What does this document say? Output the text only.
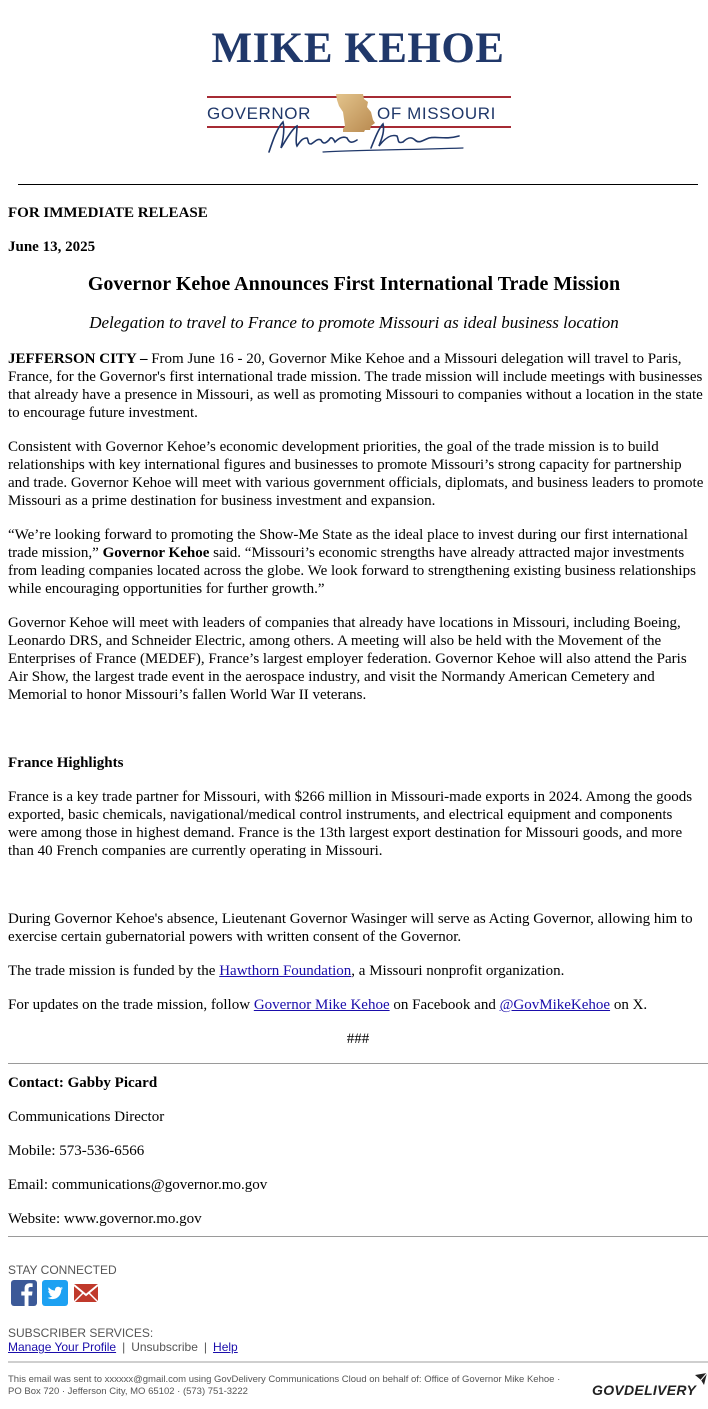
MIKE KEHOE
GOVERNOR	OF MISSOURI
FOR IMMEDIATE RELEASE
June 13, 2025
Governor Kehoe Announces First International Trade Mission
Delegation to travel to France to promote Missouri as ideal business location

JEFFERSON CITY – From June 16 - 20, Governor Mike Kehoe and a Missouri delegation will travel to Paris, France, for the Governor's first international trade mission. The trade mission will include meetings with businesses that already have a presence in Missouri, as well as promoting Missouri to companies without a location in the state to encourage future investment.

Consistent with Governor Kehoe’s economic development priorities, the goal of the trade mission is to build relationships with key international figures and businesses to promote Missouri’s strong capacity for partnership and trade. Governor Kehoe will meet with various government officials, diplomats, and business leaders to promote Missouri as a prime destination for business investment and expansion.

“We’re looking forward to promoting the Show-Me State as the ideal place to invest during our first international trade mission,” Governor Kehoe said. “Missouri’s economic strengths have already attracted major investments from leading companies located across the globe. We look forward to strengthening existing business relationships while encouraging opportunities for further growth.”

Governor Kehoe will meet with leaders of companies that already have locations in Missouri, including Boeing, Leonardo DRS, and Schneider Electric, among others. A meeting will also be held with the Movement of the Enterprises of France (MEDEF), France’s largest employer federation. Governor Kehoe will also attend the Paris Air Show, the largest trade event in the aerospace industry, and visit the Normandy American Cemetery and Memorial to honor Missouri’s fallen World War II veterans.

France Highlights

France is a key trade partner for Missouri, with $266 million in Missouri-made exports in 2024. Among the goods exported, basic chemicals, navigational/medical control instruments, and electrical equipment and components were among those in highest demand. France is the 13th largest export destination for Missouri goods, and more than 40 French companies are currently operating in Missouri.

During Governor Kehoe's absence, Lieutenant Governor Wasinger will serve as Acting Governor, allowing him to exercise certain gubernatorial powers with written consent of the Governor.

The trade mission is funded by the Hawthorn Foundation, a Missouri nonprofit organization.

For updates on the trade mission, follow Governor Mike Kehoe on Facebook and @GovMikeKehoe on X.

###
Contact: Gabby Picard
Communications Director
Mobile: 573-536-6566
Email: communications@governor.mo.gov
Website: www.governor.mo.gov
STAY CONNECTED
SUBSCRIBER SERVICES:
Manage Your Profile | Unsubscribe | Help
This email was sent to xxxxxx@gmail.com using GovDelivery Communications Cloud on behalf of: Office of Governor Mike Kehoe ·
PO Box 720 · Jefferson City, MO 65102 · (573) 751-3222	GOVDELIVERY
